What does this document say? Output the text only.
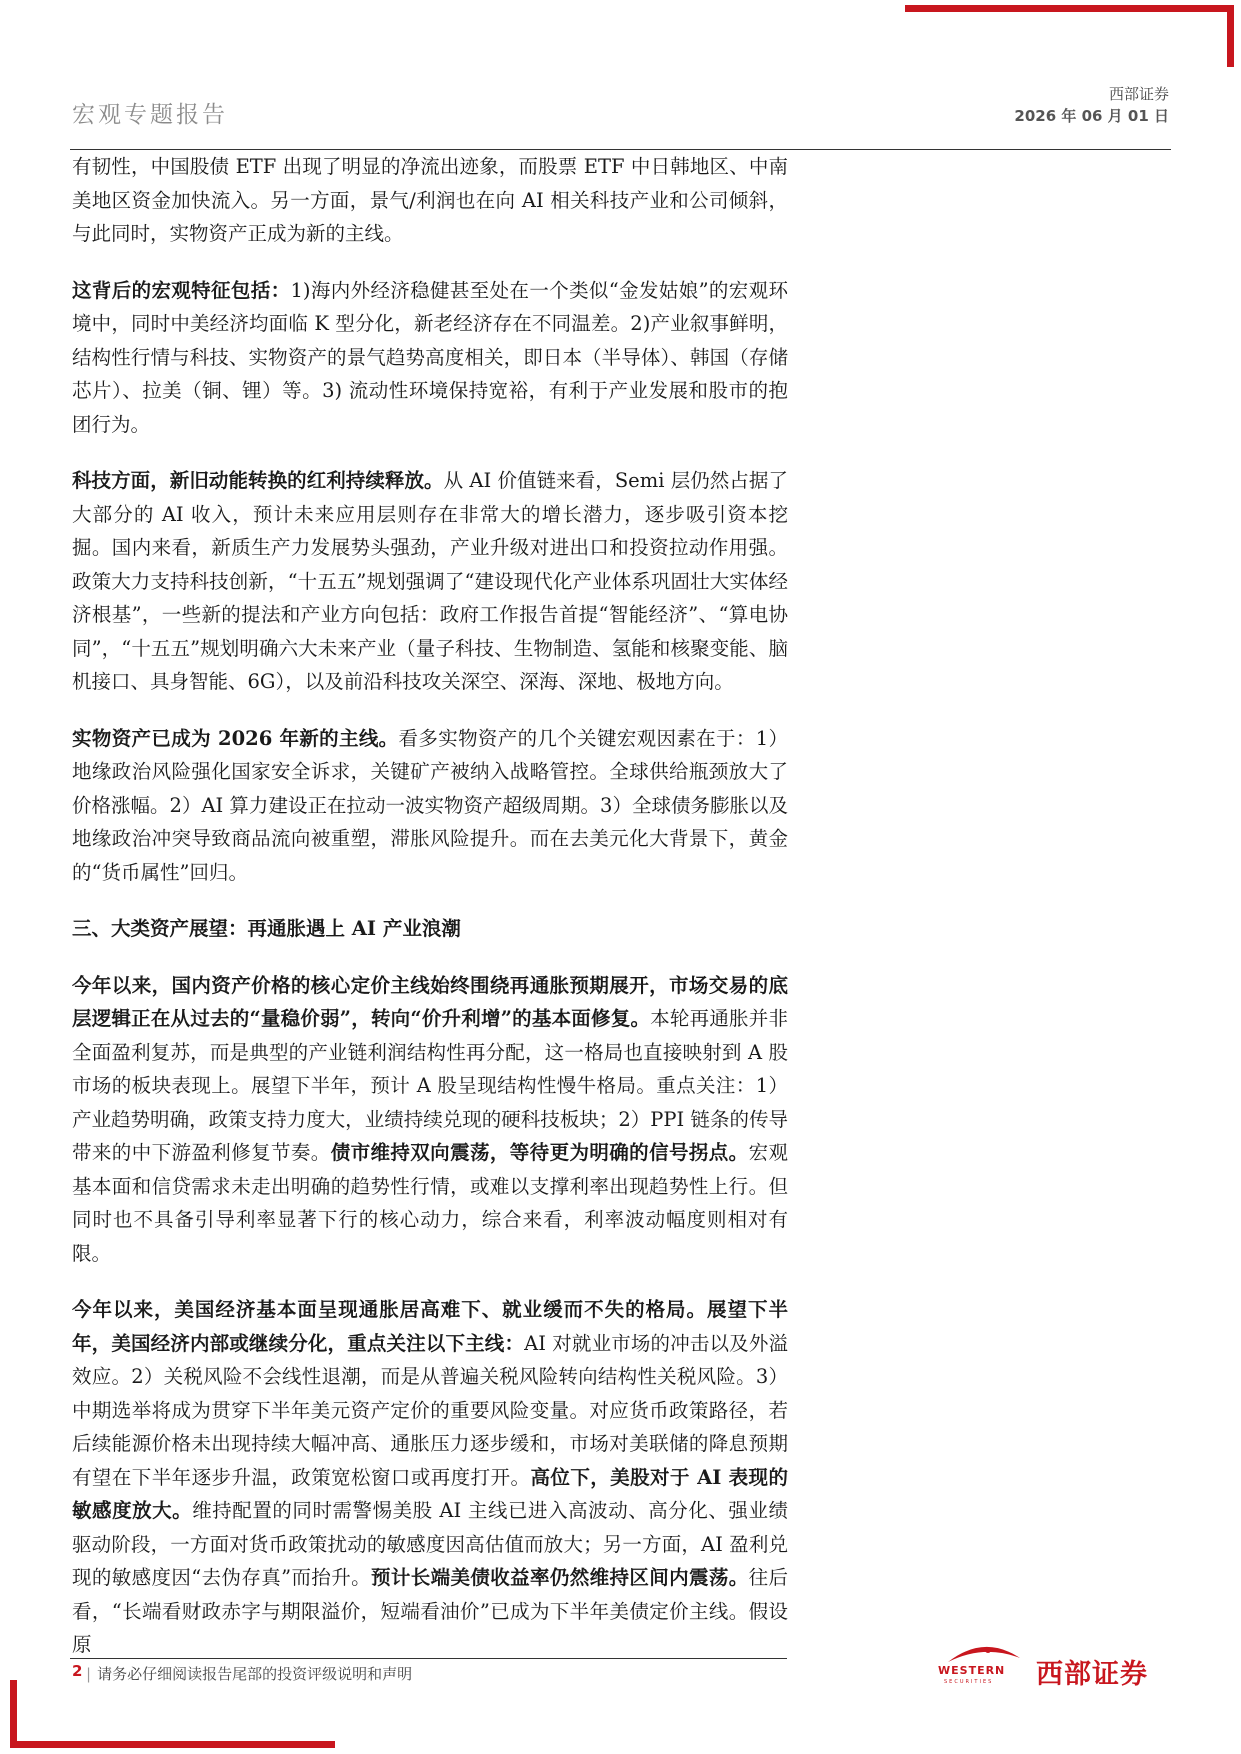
宏观专题报告
西部证券
2026 年 06 月 01 日

有韧性，中国股债 ETF 出现了明显的净流出迹象，而股票 ETF 中日韩地区、中南美地区资金加快流入。另一方面，景气/利润也在向 AI 相关科技产业和公司倾斜，与此同时，实物资产正成为新的主线。

这背后的宏观特征包括：1)海内外经济稳健甚至处在一个类似“金发姑娘”的宏观环境中，同时中美经济均面临 K 型分化，新老经济存在不同温差。2)产业叙事鲜明，结构性行情与科技、实物资产的景气趋势高度相关，即日本（半导体）、韩国（存储芯片）、拉美（铜、锂）等。3) 流动性环境保持宽裕，有利于产业发展和股市的抱团行为。

科技方面，新旧动能转换的红利持续释放。从 AI 价值链来看，Semi 层仍然占据了大部分的 AI 收入，预计未来应用层则存在非常大的增长潜力，逐步吸引资本挖掘。国内来看，新质生产力发展势头强劲，产业升级对进出口和投资拉动作用强。政策大力支持科技创新，“十五五”规划强调了“建设现代化产业体系巩固壮大实体经济根基”，一些新的提法和产业方向包括：政府工作报告首提“智能经济”、“算电协同”，“十五五”规划明确六大未来产业（量子科技、生物制造、氢能和核聚变能、脑机接口、具身智能、6G），以及前沿科技攻关深空、深海、深地、极地方向。

实物资产已成为 2026 年新的主线。看多实物资产的几个关键宏观因素在于：1）地缘政治风险强化国家安全诉求，关键矿产被纳入战略管控。全球供给瓶颈放大了价格涨幅。2）AI 算力建设正在拉动一波实物资产超级周期。3）全球债务膨胀以及地缘政治冲突导致商品流向被重塑，滞胀风险提升。而在去美元化大背景下，黄金的“货币属性”回归。

三、大类资产展望：再通胀遇上 AI 产业浪潮

今年以来，国内资产价格的核心定价主线始终围绕再通胀预期展开，市场交易的底层逻辑正在从过去的“量稳价弱”，转向“价升利增”的基本面修复。本轮再通胀并非全面盈利复苏，而是典型的产业链利润结构性再分配，这一格局也直接映射到 A 股市场的板块表现上。展望下半年，预计 A 股呈现结构性慢牛格局。重点关注：1）产业趋势明确，政策支持力度大，业绩持续兑现的硬科技板块；2）PPI 链条的传导带来的中下游盈利修复节奏。债市维持双向震荡，等待更为明确的信号拐点。宏观基本面和信贷需求未走出明确的趋势性行情，或难以支撑利率出现趋势性上行。但同时也不具备引导利率显著下行的核心动力，综合来看，利率波动幅度则相对有限。

今年以来，美国经济基本面呈现通胀居高难下、就业缓而不失的格局。展望下半年，美国经济内部或继续分化，重点关注以下主线：AI 对就业市场的冲击以及外溢效应。2）关税风险不会线性退潮，而是从普遍关税风险转向结构性关税风险。3）中期选举将成为贯穿下半年美元资产定价的重要风险变量。对应货币政策路径，若后续能源价格未出现持续大幅冲高、通胀压力逐步缓和，市场对美联储的降息预期有望在下半年逐步升温，政策宽松窗口或再度打开。高位下，美股对于 AI 表现的敏感度放大。维持配置的同时需警惕美股 AI 主线已进入高波动、高分化、强业绩驱动阶段，一方面对货币政策扰动的敏感度因高估值而放大；另一方面，AI 盈利兑现的敏感度因“去伪存真”而抬升。预计长端美债收益率仍然维持区间内震荡。往后看，“长端看财政赤字与期限溢价，短端看油价”已成为下半年美债定价主线。假设原

2 | 请务必仔细阅读报告尾部的投资评级说明和声明	WESTERN
SECURITIES 西部证券
